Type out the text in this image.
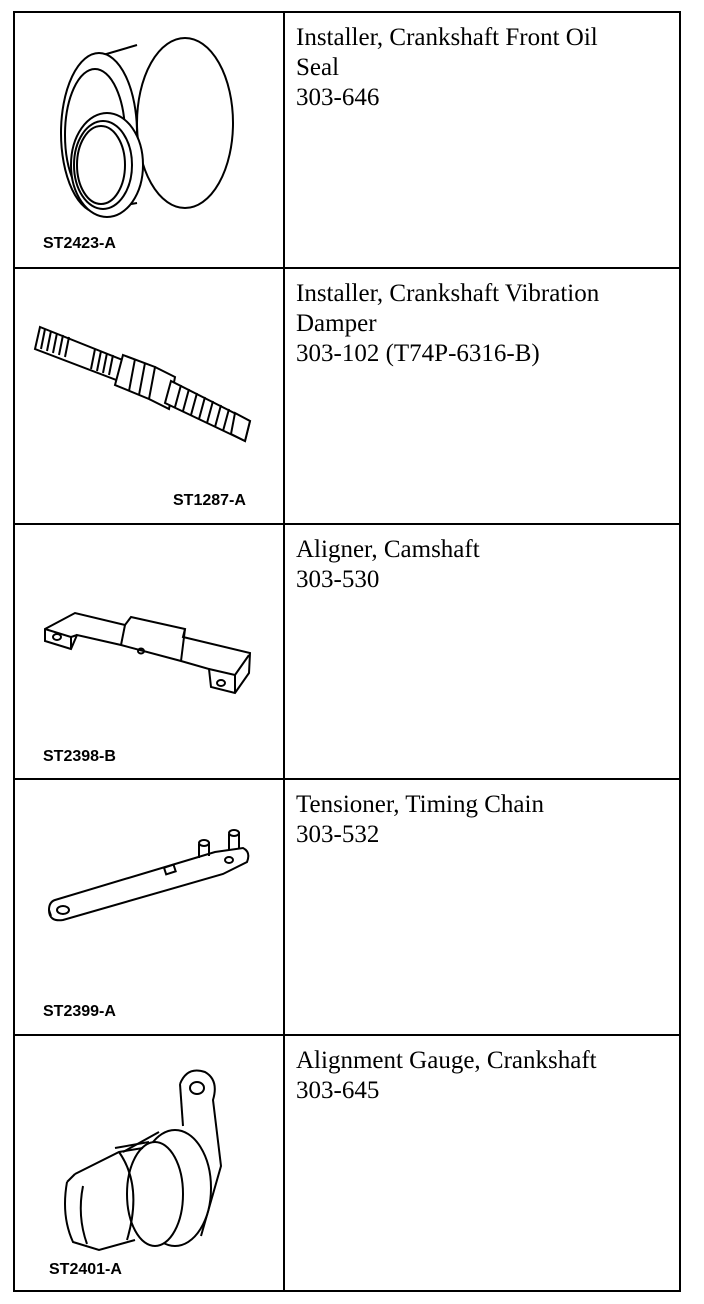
ST2423-A	Installer, Crankshaft Front Oil
Seal
303-646

ST1287-A	Installer, Crankshaft Vibration
Damper
303-102 (T74P-6316-B)

ST2398-B	Aligner, Camshaft
303-530

ST2399-A	Tensioner, Timing Chain
303-532

ST2401-A	Alignment Gauge, Crankshaft
303-645
